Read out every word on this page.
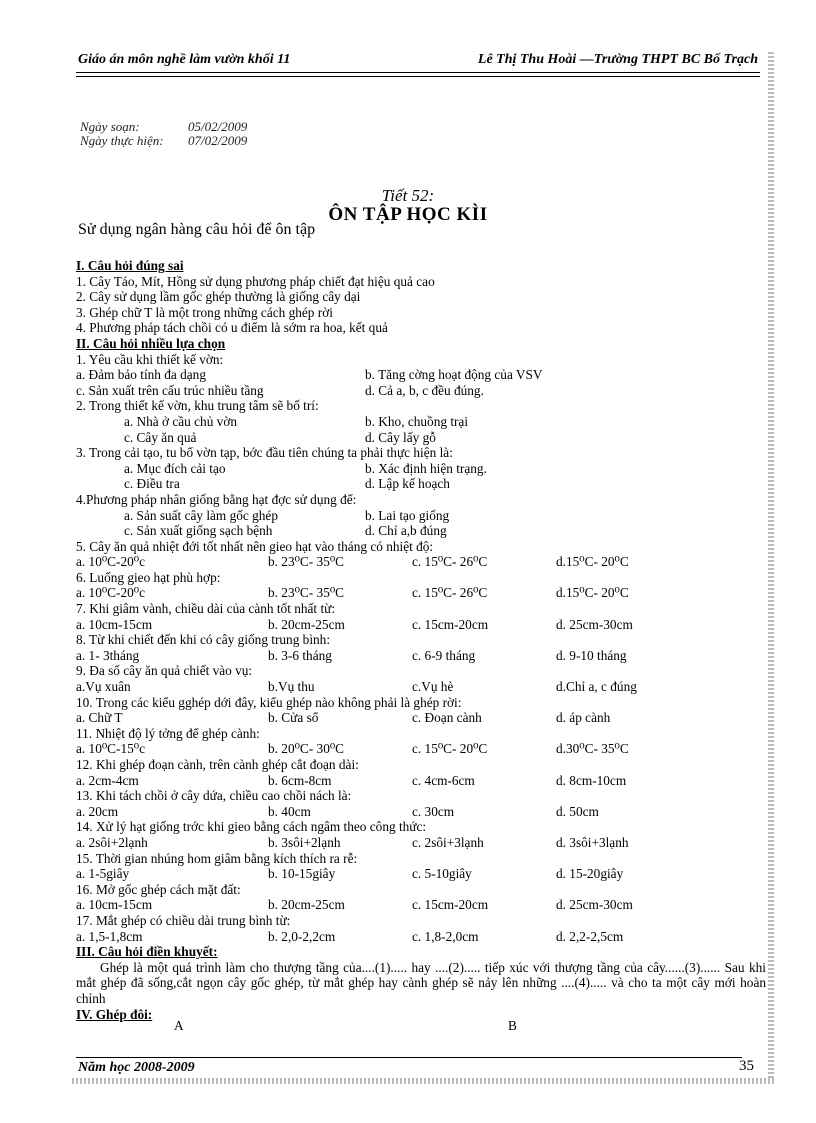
Giáo án môn nghề làm vườn khối 11	Lê Thị Thu Hoài —Trường THPT BC Bố Trạch
Ngày soạn:	05/02/2009
Ngày thực hiện: 07/02/2009
Tiết 52:
ÔN TẬP HỌC KÌI
Sử dụng ngân hàng câu hỏi để ôn tập
I. Câu hỏi đúng sai
1. Cây Táo, Mít, Hồng sử dụng phương pháp chiết đạt hiệu quả cao
2. Cây sử dụng lầm gốc ghép thường là giống cây dại
3. Ghép chữ T là một trong những cách ghép rời
4. Phương pháp tách chồi có u điểm là sớm ra hoa, kết quả
II. Câu hỏi nhiều lựa chọn
1. Yêu cầu khi thiết kế vờn:
a. Đảm bảo tính đa dạng	b. Tăng cờng hoạt động của VSV
c. Sản xuất trên cấu trúc nhiều tầng	d. Cả a, b, c đều đúng.
2. Trong thiết kế vờn, khu trung tâm sẽ bố trí:
a. Nhà ở cầu chủ vờn	b. Kho, chuồng trại
c. Cây ăn quả	d. Cây lấy gỗ
3. Trong cải tạo, tu bổ vờn tạp, bớc đầu tiên chúng ta phải thực hiện là:
a. Mục đích cải tạo	b. Xác định hiện trạng.
c. Điều tra	d. Lập kế hoạch
4.Phương pháp nhân giống bằng hạt đợc sử dụng để:
a. Sản suất cây làm gốc ghép	b. Lai tạo giống
c. Sản xuất giống sạch bệnh	d. Chỉ a,b đúng
5. Cây ăn quả nhiệt đới tốt nhất nên gieo hạt vào tháng có nhiệt độ:
a. 10⁰C-20⁰c	b. 23⁰C- 35⁰C	c. 15⁰C- 26⁰C	d.15⁰C- 20⁰C
6. Luống gieo hạt phù hợp:
a. 10⁰C-20⁰c	b. 23⁰C- 35⁰C	c. 15⁰C- 26⁰C	d.15⁰C- 20⁰C
7. Khi giâm vành, chiều dài của cành tốt nhất từ:
a. 10cm-15cm	b. 20cm-25cm	c. 15cm-20cm	d. 25cm-30cm
8. Từ khi chiết đến khi có cây giống trung bình:
a. 1- 3tháng	b. 3-6 tháng	c. 6-9 tháng	d. 9-10 tháng
9. Đa số cây ăn quả chiết vào vụ:
a.Vụ xuân	b.Vụ thu	c.Vụ hè	d.Chỉ a, c đúng
10. Trong các kiểu gghép dới đây, kiểu ghép nào không phải là ghép rời:
a. Chữ T	b. Cửa sổ	c. Đoạn cành	d. áp cành
11. Nhiệt độ lý tởng để ghép cành:
a. 10⁰C-15⁰c	b. 20⁰C- 30⁰C	c. 15⁰C- 20⁰C	d.30⁰C- 35⁰C
12. Khi ghép đoạn cành, trên cành ghép cắt đoạn dài:
a. 2cm-4cm	b. 6cm-8cm	c. 4cm-6cm	d. 8cm-10cm
13. Khi tách chồi ở cây dứa, chiều cao chồi nách là:
a. 20cm	b. 40cm	c. 30cm	d. 50cm
14. Xử lý hạt giống trớc khi gieo bằng cách ngâm theo công thức:
a. 2sôi+2lạnh	b. 3sôi+2lạnh	c. 2sôi+3lạnh	d. 3sôi+3lạnh
15. Thời gian nhúng hom giâm bằng kích thích ra rễ:
a. 1-5giây	b. 10-15giây	c. 5-10giây	d. 15-20giây
16. Mở gốc ghép cách mặt đất:
a. 10cm-15cm	b. 20cm-25cm	c. 15cm-20cm	d. 25cm-30cm
17. Mắt ghép có chiều dài trung bình từ:
a. 1,5-1,8cm	b. 2,0-2,2cm	c. 1,8-2,0cm	d. 2,2-2,5cm
III. Câu hỏi điền khuyết:
Ghép là một quá trình làm cho thượng tầng của....(1)..... hay ....(2)..... tiếp xúc với thượng tầng của cây......(3)...... Sau khi mắt ghép đã sống,cắt ngọn cây gốc ghép, từ mắt ghép hay cành ghép sẽ nảy lên những ....(4)..... và cho ta một cây mới hoàn chỉnh
IV. Ghép đôi:
A	B
Năm học 2008-2009	35
